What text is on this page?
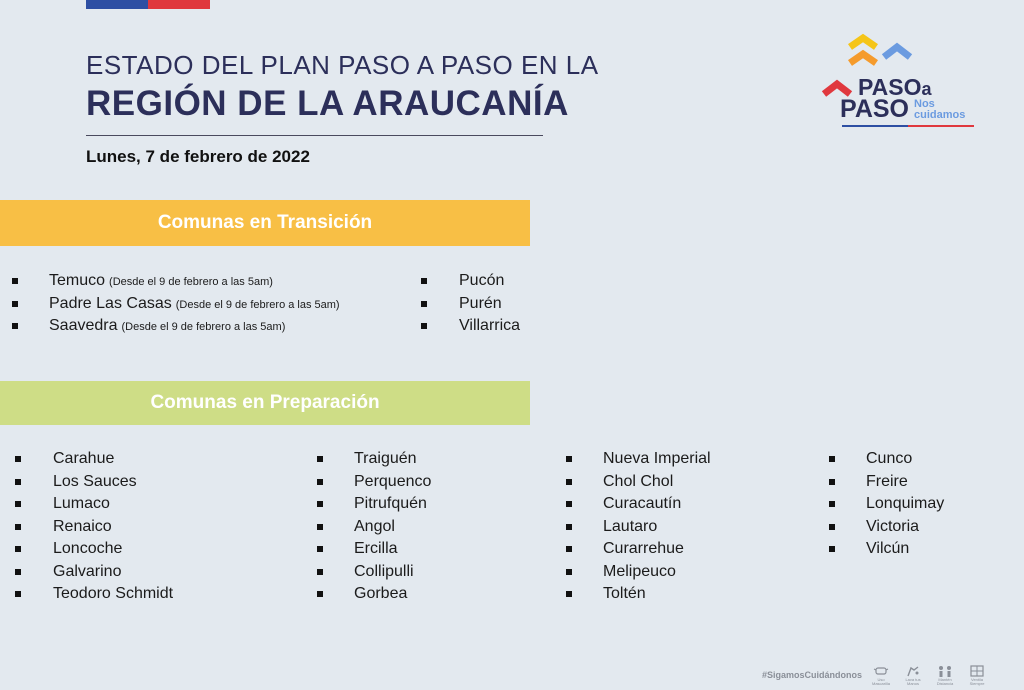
ESTADO DEL PLAN PASO A PASO EN LA
REGIÓN DE LA ARAUCANÍA
Lunes, 7 de febrero de 2022
PASOa
PASO Nos
cuidamos
Comunas en Transición
Temuco (Desde el 9 de febrero a las 5am)
Padre Las Casas (Desde el 9 de febrero a las 5am)
Saavedra (Desde el 9 de febrero a las 5am)
Pucón
Purén
Villarrica
Comunas en Preparación
Carahue
Los Sauces
Lumaco
Renaico
Loncoche
Galvarino
Teodoro Schmidt
Traiguén
Perquenco
Pitrufquén
Angol
Ercilla
Collipulli
Gorbea
Nueva Imperial
Chol Chol
Curacautín
Lautaro
Curarrehue
Melipeuco
Toltén
Cunco
Freire
Lonquimay
Victoria
Vilcún
#SigamosCuidándonos	Uso Mascarilla
Lava tus Manos
Mantén Distancia
Ventila Siempre
